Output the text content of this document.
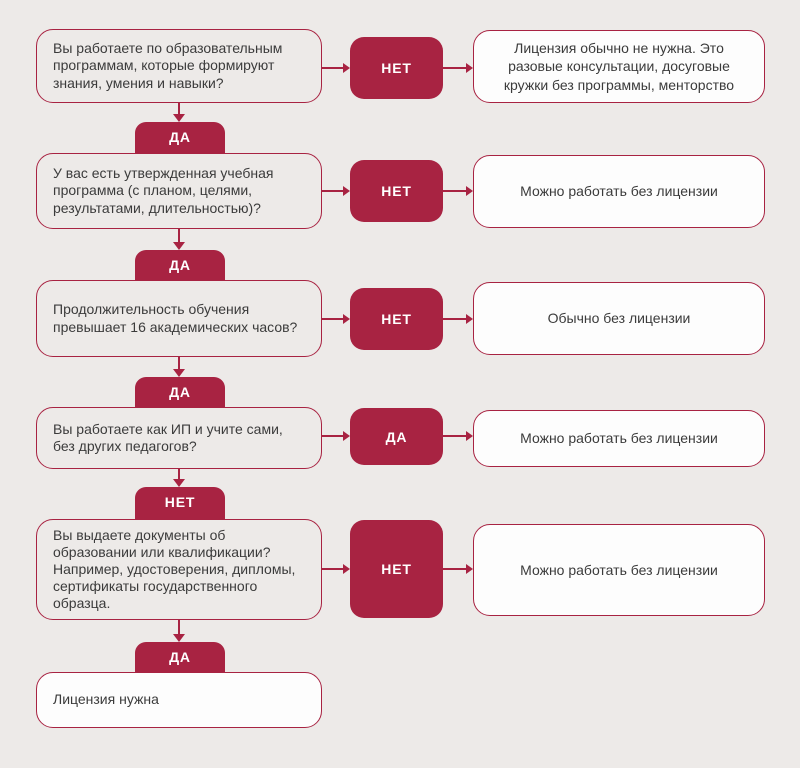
ДА
ДА
ДА
НЕТ
ДА
Вы работаете по образовательным программам, которые формируют знания, умения и навыки?
У вас есть утвержденная учебная программа (с планом, целями, результатами, длительностью)?
Продолжительность обучения превышает 16 академических часов?
Вы работаете как ИП и учите сами, без других педагогов?
Вы выдаете документы об образовании или квалификации? Например, удостоверения, дипломы, сертификаты государственного образца.
Лицензия нужна
НЕТ
НЕТ
НЕТ
ДА
НЕТ
Лицензия обычно не нужна. Это разовые консультации, досуговые кружки без программы, менторство
Можно работать без лицензии
Обычно без лицензии
Можно работать без лицензии
Можно работать без лицензии
